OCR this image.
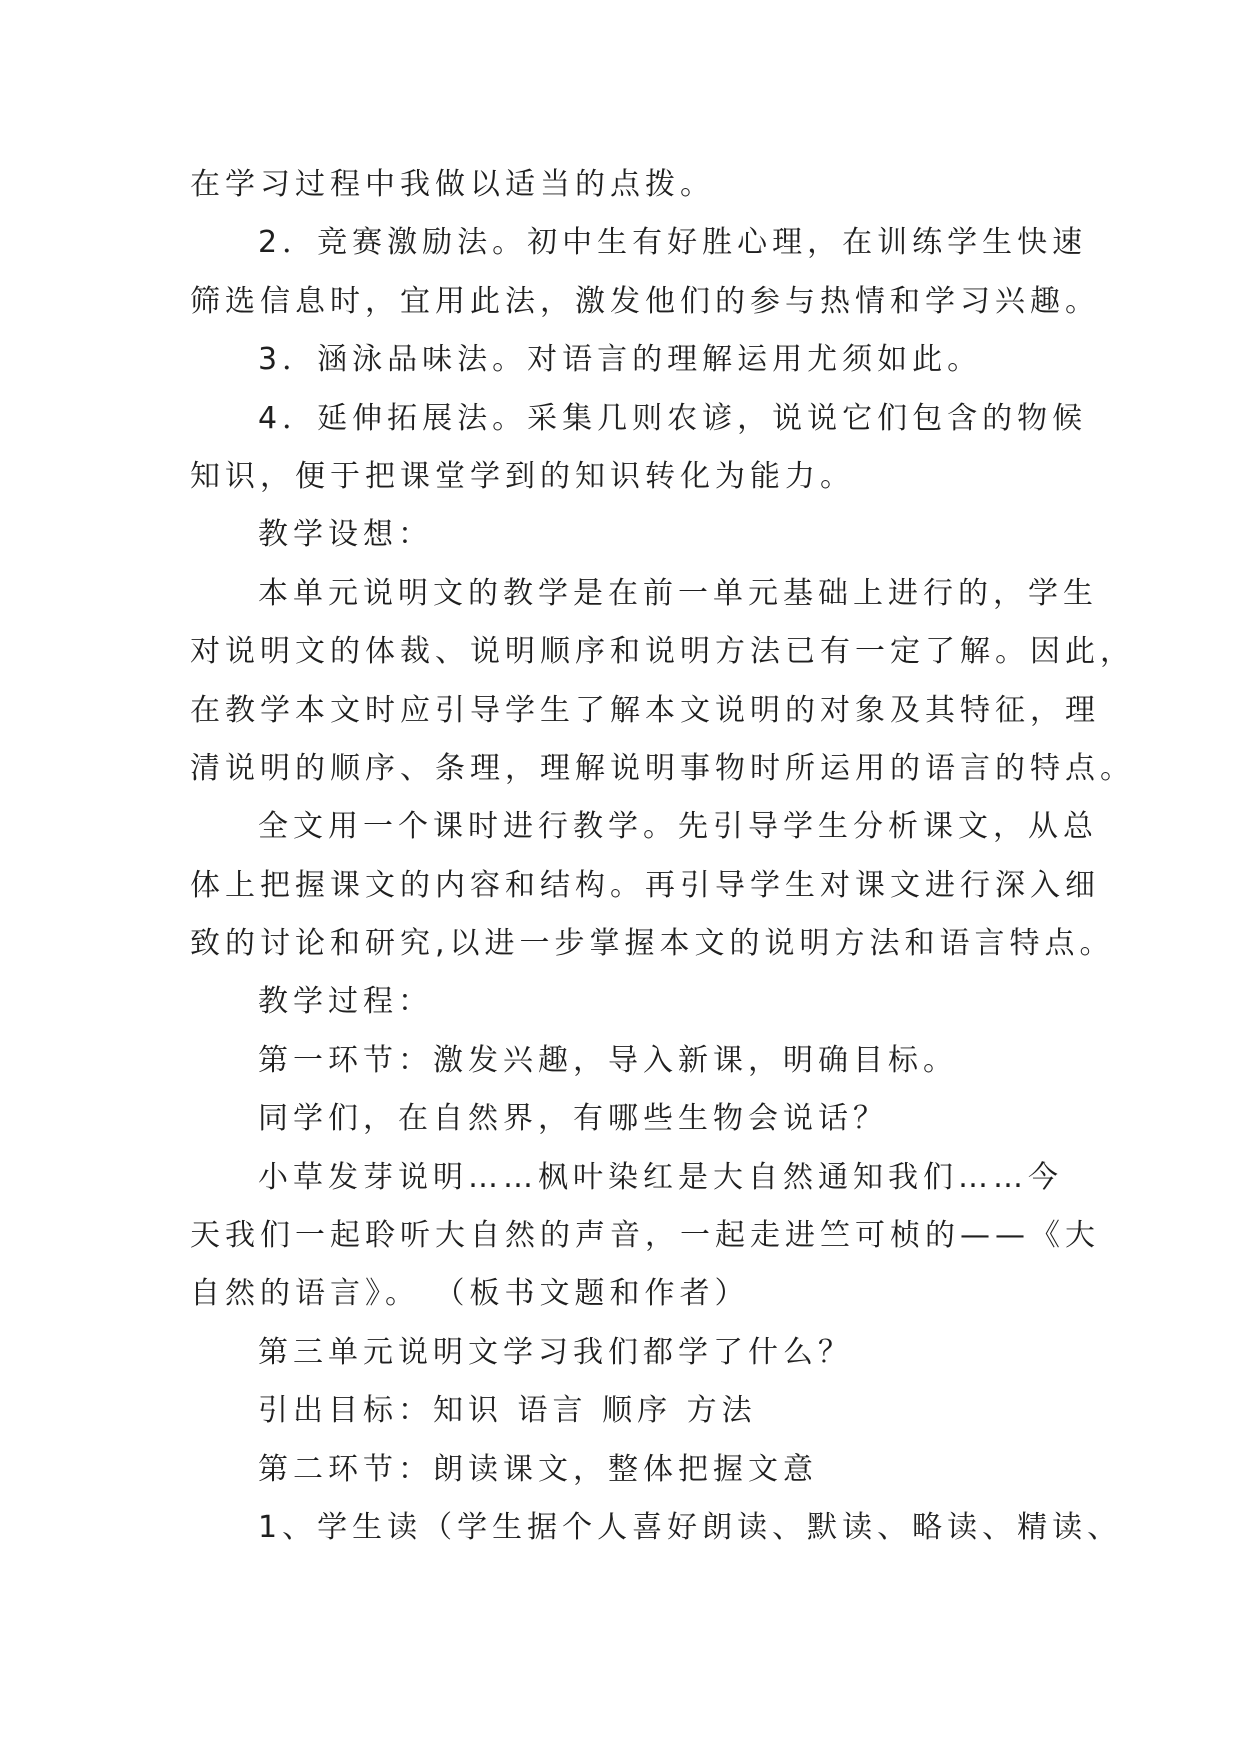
在学习过程中我做以适当的点拨。
2．竞赛激励法。初中生有好胜心理，在训练学生快速
筛选信息时，宜用此法，激发他们的参与热情和学习兴趣。
3．涵泳品味法。对语言的理解运用尤须如此。
4．延伸拓展法。采集几则农谚，说说它们包含的物候
知识，便于把课堂学到的知识转化为能力。
教学设想：
本单元说明文的教学是在前一单元基础上进行的，学生
对说明文的体裁、说明顺序和说明方法已有一定了解。因此，
在教学本文时应引导学生了解本文说明的对象及其特征，理
清说明的顺序、条理，理解说明事物时所运用的语言的特点。
全文用一个课时进行教学。先引导学生分析课文，从总
体上把握课文的内容和结构。再引导学生对课文进行深入细
致的讨论和研究,以进一步掌握本文的说明方法和语言特点。
教学过程：
第一环节：激发兴趣，导入新课，明确目标。
同学们，在自然界，有哪些生物会说话？
小草发芽说明……枫叶染红是大自然通知我们……今
天我们一起聆听大自然的声音，一起走进竺可桢的——《大
自然的语言》。 （板书文题和作者）
第三单元说明文学习我们都学了什么？
引出目标：知识 语言 顺序 方法
第二环节：朗读课文，整体把握文意
1、学生读（学生据个人喜好朗读、默读、略读、精读、
